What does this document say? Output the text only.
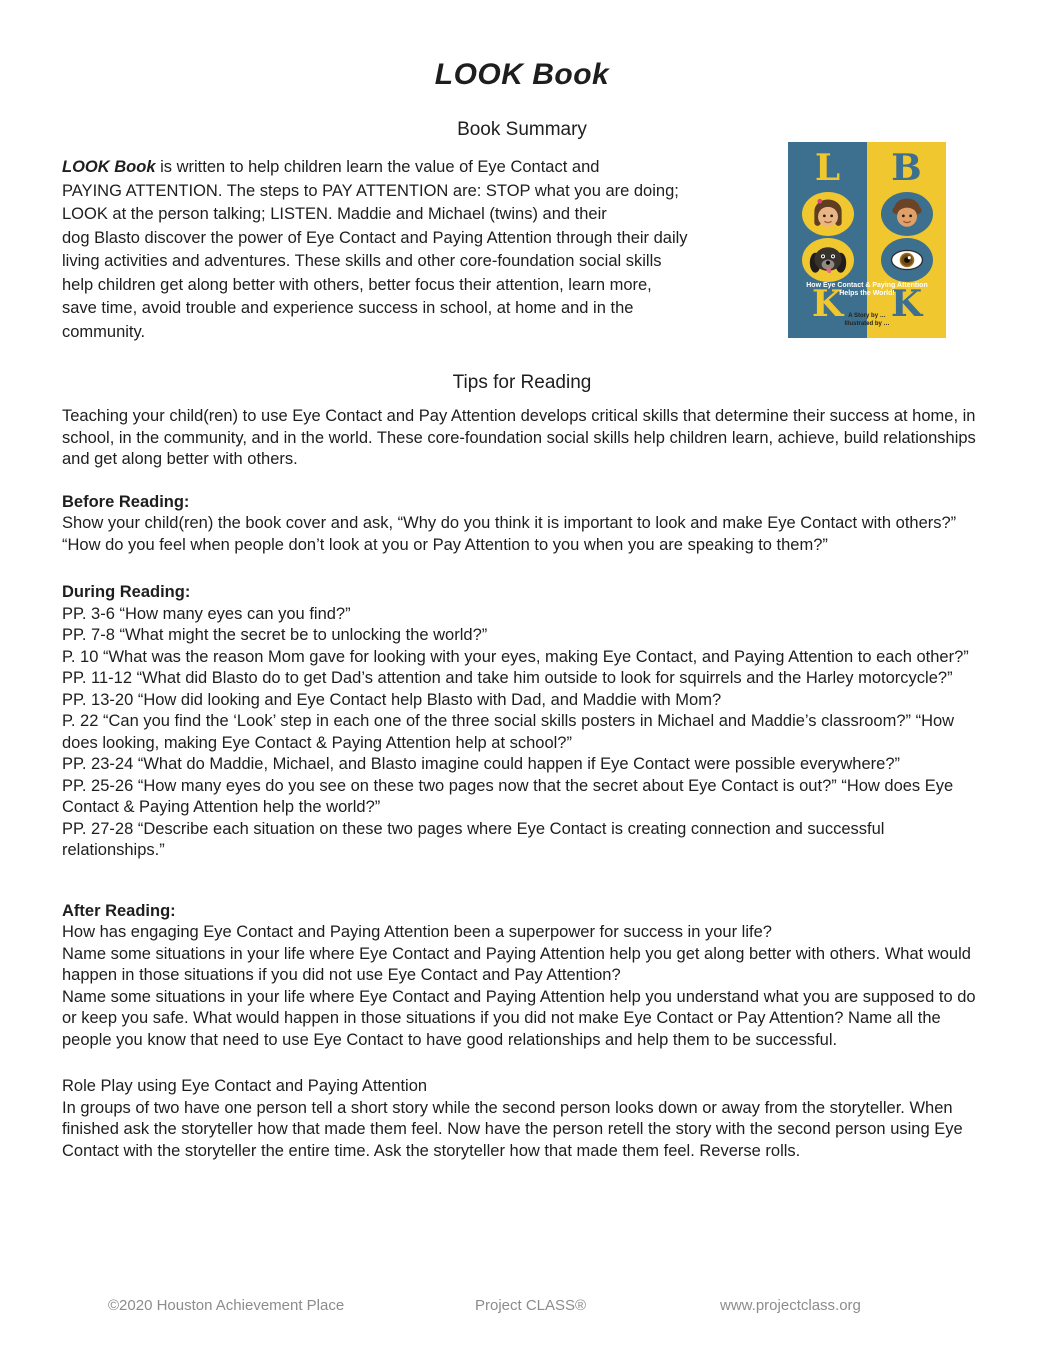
L
K
B
K
How Eye Contact & Paying Attention
Helps the World!
A Story by …
Illustrated by …
LOOK Book
Book Summary
LOOK Book is written to help children learn the value of Eye Contact and
PAYING ATTENTION. The steps to PAY ATTENTION are: STOP what you are doing;
LOOK at the person talking; LISTEN. Maddie and Michael (twins) and their
dog Blasto discover the power of Eye Contact and Paying Attention through their daily
living activities and adventures. These skills and other core-foundation social skills
help children get along better with others, better focus their attention, learn more,
save time, avoid trouble and experience success in school, at home and in the
community.
Tips for Reading

Teaching your child(ren) to use Eye Contact and Pay Attention develops critical skills that determine their success at home, in school, in the community, and in the world. These core-foundation social skills help children learn, achieve, build relationships and get along better with others.

Before Reading:

Show your child(ren) the book cover and ask, “Why do you think it is important to look and make Eye Contact with others?” “How do you feel when people don’t look at you or Pay Attention to you when you are speaking to them?”

During Reading:
PP. 3-6 “How many eyes can you find?”
PP. 7-8 “What might the secret be to unlocking the world?”
P. 10 “What was the reason Mom gave for looking with your eyes, making Eye Contact, and Paying Attention to each other?”
PP. 11-12 “What did Blasto do to get Dad’s attention and take him outside to look for squirrels and the Harley motorcycle?”
PP. 13-20 “How did looking and Eye Contact help Blasto with Dad, and Maddie with Mom?
P. 22 “Can you find the ‘Look’ step in each one of the three social skills posters in Michael and Maddie’s classroom?” “How does looking, making Eye Contact & Paying Attention help at school?”
PP. 23-24 “What do Maddie, Michael, and Blasto imagine could happen if Eye Contact were possible everywhere?”
PP. 25-26 “How many eyes do you see on these two pages now that the secret about Eye Contact is out?” “How does Eye Contact & Paying Attention help the world?”
PP. 27-28 “Describe each situation on these two pages where Eye Contact is creating connection and successful relationships.”
After Reading:
How has engaging Eye Contact and Paying Attention been a superpower for success in your life?
Name some situations in your life where Eye Contact and Paying Attention help you get along better with others. What would happen in those situations if you did not use Eye Contact and Pay Attention?
Name some situations in your life where Eye Contact and Paying Attention help you understand what you are supposed to do or keep you safe. What would happen in those situations if you did not make Eye Contact or Pay Attention? Name all the people you know that need to use Eye Contact to have good relationships and help them to be successful.

Role Play using Eye Contact and Paying Attention

In groups of two have one person tell a short story while the second person looks down or away from the storyteller. When finished ask the storyteller how that made them feel. Now have the person retell the story with the second person using Eye Contact with the storyteller the entire time. Ask the storyteller how that made them feel. Reverse rolls.

©2020 Houston Achievement Place	Project CLASS®	www.projectclass.org
